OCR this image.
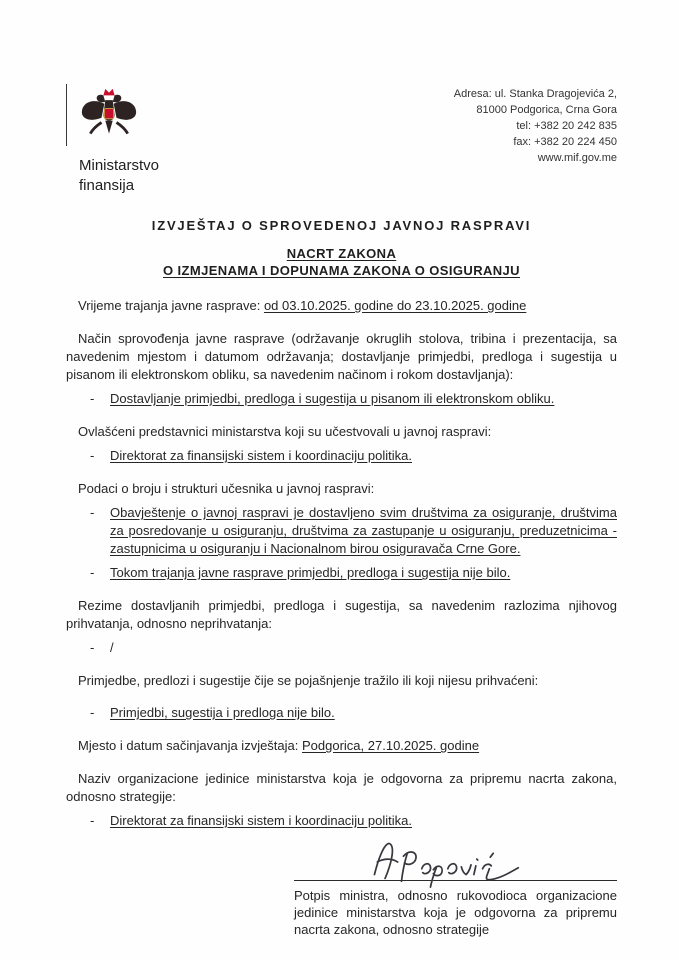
Ministarstvo
finansija
Adresa: ul. Stanka Dragojevića 2,
81000 Podgorica, Crna Gora
tel: +382 20 242 835
fax: +382 20 224 450
www.mif.gov.me
IZVJEŠTAJ O SPROVEDENOJ JAVNOJ RASPRAVI
NACRT ZAKONA
O IZMJENAMA I DOPUNAMA ZAKONA O OSIGURANJU
Vrijeme trajanja javne rasprave: od 03.10.2025. godine do 23.10.2025. godine
Način sprovođenja javne rasprave (održavanje okruglih stolova, tribina i prezentacija, sa navedenim mjestom i datumom održavanja; dostavljanje primjedbi, predloga i sugestija u pisanom ili elektronskom obliku, sa navedenim načinom i rokom dostavljanja):
-	Dostavljanje primjedbi, predloga i sugestija u pisanom ili elektronskom obliku.
Ovlašćeni predstavnici ministarstva koji su učestvovali u javnoj raspravi:
-	Direktorat za finansijski sistem i koordinaciju politika.
Podaci o broju i strukturi učesnika u javnoj raspravi:
-	Obavještenje o javnoj raspravi je dostavljeno svim društvima za osiguranje, društvima za posredovanje u osiguranju, društvima za zastupanje u osiguranju, preduzetnicima - zastupnicima u osiguranju i Nacionalnom birou osiguravača Crne Gore.
-	Tokom trajanja javne rasprave primjedbi, predloga i sugestija nije bilo.
Rezime dostavljanih primjedbi, predloga i sugestija, sa navedenim razlozima njihovog prihvatanja, odnosno neprihvatanja:
-	/
Primjedbe, predlozi i sugestije čije se pojašnjenje tražilo ili koji nijesu prihvaćeni:
-	Primjedbi, sugestija i predloga nije bilo.
Mjesto i datum sačinjavanja izvještaja: Podgorica, 27.10.2025. godine
Naziv organizacione jedinice ministarstva koja je odgovorna za pripremu nacrta zakona, odnosno strategije:
-	Direktorat za finansijski sistem i koordinaciju politika.
Potpis ministra, odnosno rukovodioca organizacione jedinice ministarstva koja je odgovorna za pripremu nacrta zakona, odnosno strategije
